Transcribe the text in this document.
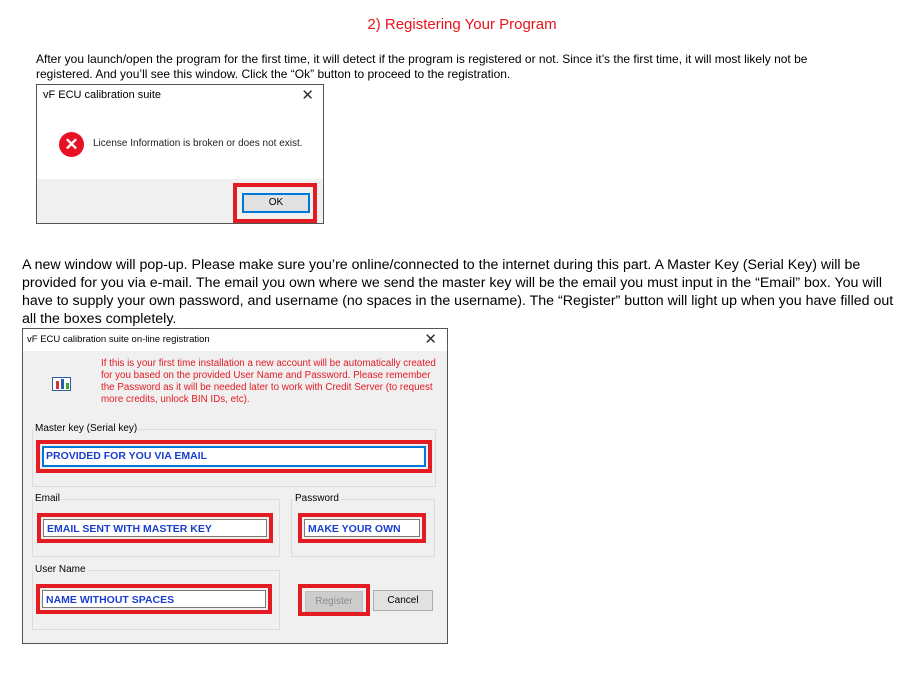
2) Registering Your Program
After you launch/open the program for the first time, it will detect if the program is registered or not. Since it’s the first time, it will most likely not be registered. And you’ll see this window. Click the “Ok” button to proceed to the registration.
vF ECU calibration suite	✕
✕	License Information is broken or does not exist.
OK
A new window will pop-up. Please make sure you’re online/connected to the internet during this part. A Master Key (Serial Key) will be provided for you via e-mail. The email you own where we send the master key will be the email you must input in the “Email” box. You will have to supply your own password, and username (no spaces in the username). The “Register” button will light up when you have filled out all the boxes completely.
vF ECU calibration suite on-line registration	✕
If this is your first time installation a new account will be automatically created for you based on the provided User Name and Password. Please remember the Password as it will be needed later to work with Credit Server (to request more credits, unlock BIN IDs, etc).
Master key (Serial key)
PROVIDED FOR YOU VIA EMAIL
Email
EMAIL SENT WITH MASTER KEY
Password
MAKE YOUR OWN
User Name
NAME WITHOUT SPACES	Register	Cancel
